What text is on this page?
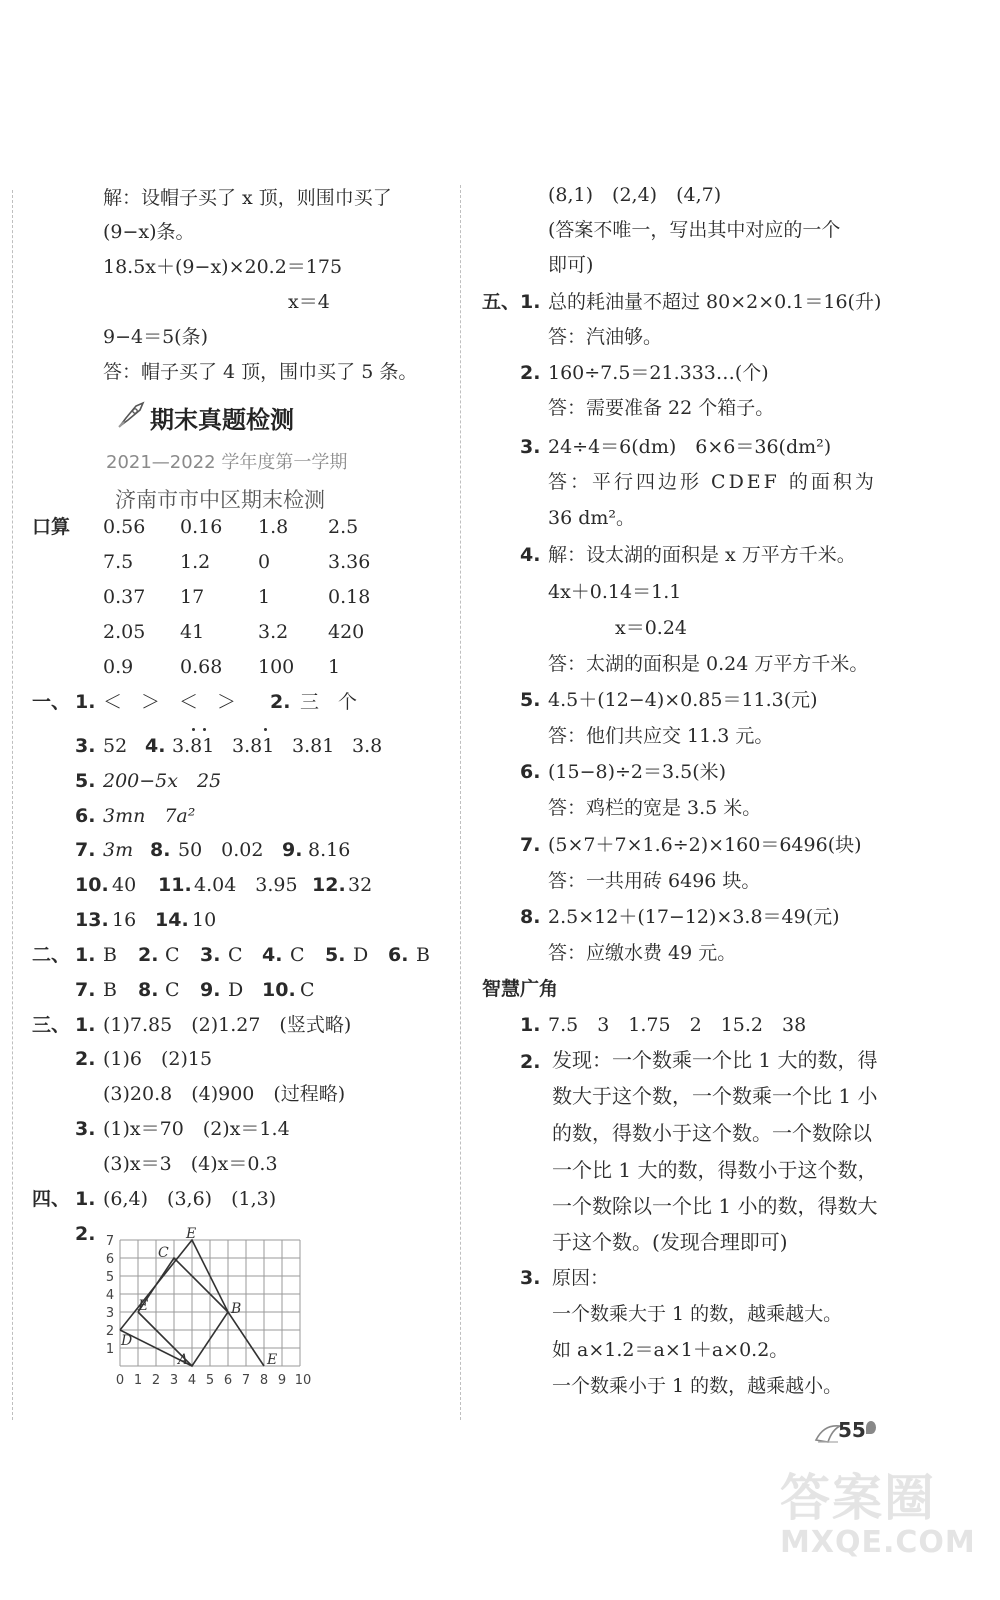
解：设帽子买了 x 顶，则围巾买了
(9−x)条。
18.5x＋(9−x)×20.2＝175
x＝4
9−4＝5(条)
答：帽子买了 4 顶，围巾买了 5 条。
期末真题检测
2021—2022 学年度第一学期
济南市市中区期末检测
口算 0.56 0.16 1.8 2.5
7.5 1.2	0	3.36
0.37 17	1	0.18
2.05 41	3.2 420
0.9 0.68 100 1
一、 1. ＜　＞　＜　＞ 2. 三　个
3. 52 4. 3.81 3.81 3.81 3.8
5. 200−5x　25
6. 3mn　7a²
7. 3m 8. 50　0.02 9. 8.16
10. 40 11. 4.04　3.95 12. 32
13. 16 14. 10
二、 1. B 2. C 3. C 4. C 5. D 6. B
7. B 8. C 9. D 10. C
三、 1. (1)7.85　(2)1.27　(竖式略)
2. (1)6　(2)15
(3)20.8　(4)900　(过程略)
3. (1)x＝70　(2)x＝1.4
(3)x＝3　(4)x＝0.3
四、 1. (6,4)　(3,6)　(1,3)
2.
C
E
E	B
D
A	E
0 1 2 3 4 5 6 7 8 9 10
1
2
3
4
5
6
7
(8,1)　(2,4)　(4,7)
(答案不唯一，写出其中对应的一个
即可)
五、 1. 总的耗油量不超过 80×2×0.1＝16(升)
答：汽油够。
2. 160÷7.5＝21.333…(个)
答：需要准备 22 个箱子。
3. 24÷4＝6(dm)　6×6＝36(dm²)
答：平行四边形 CDEF 的面积为
36 dm²。
4. 解：设太湖的面积是 x 万平方千米。
4x＋0.14＝1.1
x＝0.24
答：太湖的面积是 0.24 万平方千米。
5. 4.5＋(12−4)×0.85＝11.3(元)
答：他们共应交 11.3 元。
6. (15−8)÷2＝3.5(米)
答：鸡栏的宽是 3.5 米。
7. (5×7＋7×1.6÷2)×160＝6496(块)
答：一共用砖 6496 块。
8. 2.5×12＋(17−12)×3.8＝49(元)
答：应缴水费 49 元。
智慧广角
1. 7.5　3　1.75　2　15.2　38
2. 发现：一个数乘一个比 1 大的数，得
数大于这个数，一个数乘一个比 1 小
的数，得数小于这个数。一个数除以
一个比 1 大的数，得数小于这个数，
一个数除以一个比 1 小的数，得数大
于这个数。(发现合理即可)
3. 原因：
一个数乘大于 1 的数，越乘越大。
如 a×1.2＝a×1＋a×0.2。
一个数乘小于 1 的数，越乘越小。
55
答案圈
MXQE.COM
